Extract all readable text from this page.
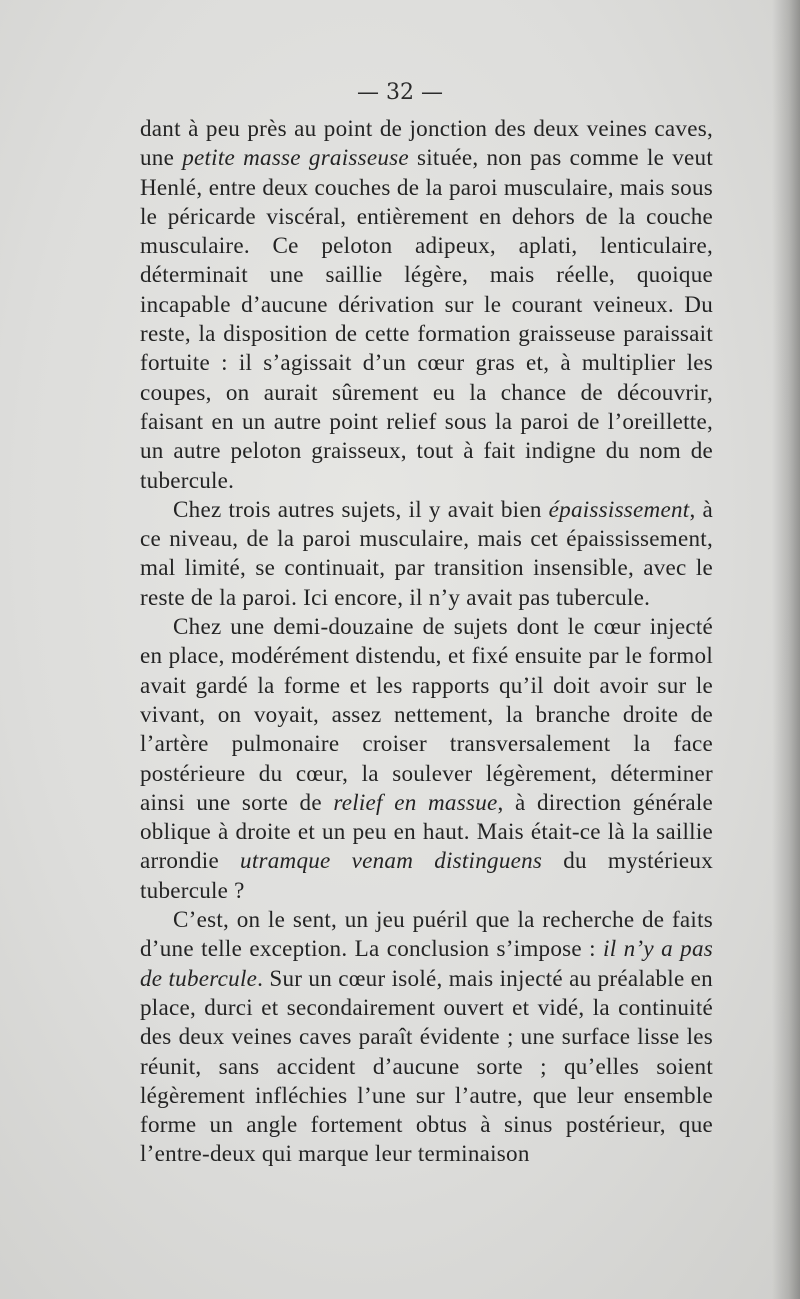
— 32 —

dant à peu près au point de jonction des deux veines caves, une petite masse graisseuse située, non pas comme le veut Henlé, entre deux couches de la paroi musculaire, mais sous le péricarde viscéral, entièrement en dehors de la couche musculaire. Ce peloton adipeux, aplati, lenticulaire, déterminait une saillie légère, mais réelle, quoique incapable d’aucune dérivation sur le courant veineux. Du reste, la disposition de cette formation graisseuse paraissait fortuite : il s’agissait d’un cœur gras et, à multiplier les coupes, on aurait sûrement eu la chance de découvrir, faisant en un autre point relief sous la paroi de l’oreillette, un autre peloton graisseux, tout à fait indigne du nom de tubercule.

Chez trois autres sujets, il y avait bien épaississement, à ce niveau, de la paroi musculaire, mais cet épaississement, mal limité, se continuait, par transition insensible, avec le reste de la paroi. Ici encore, il n’y avait pas tubercule.

Chez une demi-douzaine de sujets dont le cœur injecté en place, modérément distendu, et fixé ensuite par le formol avait gardé la forme et les rapports qu’il doit avoir sur le vivant, on voyait, assez nettement, la branche droite de l’artère pulmonaire croiser transversalement la face postérieure du cœur, la soulever légèrement, déterminer ainsi une sorte de relief en massue, à direction générale oblique à droite et un peu en haut. Mais était-ce là la saillie arrondie utramque venam distinguens du mystérieux tubercule ?

C’est, on le sent, un jeu puéril que la recherche de faits d’une telle exception. La conclusion s’impose : il n’y a pas de tubercule. Sur un cœur isolé, mais injecté au préalable en place, durci et secondairement ouvert et vidé, la continuité des deux veines caves paraît évidente ; une surface lisse les réunit, sans accident d’aucune sorte ; qu’elles soient légèrement infléchies l’une sur l’autre, que leur ensemble forme un angle fortement obtus à sinus postérieur, que l’entre-deux qui marque leur terminaison
